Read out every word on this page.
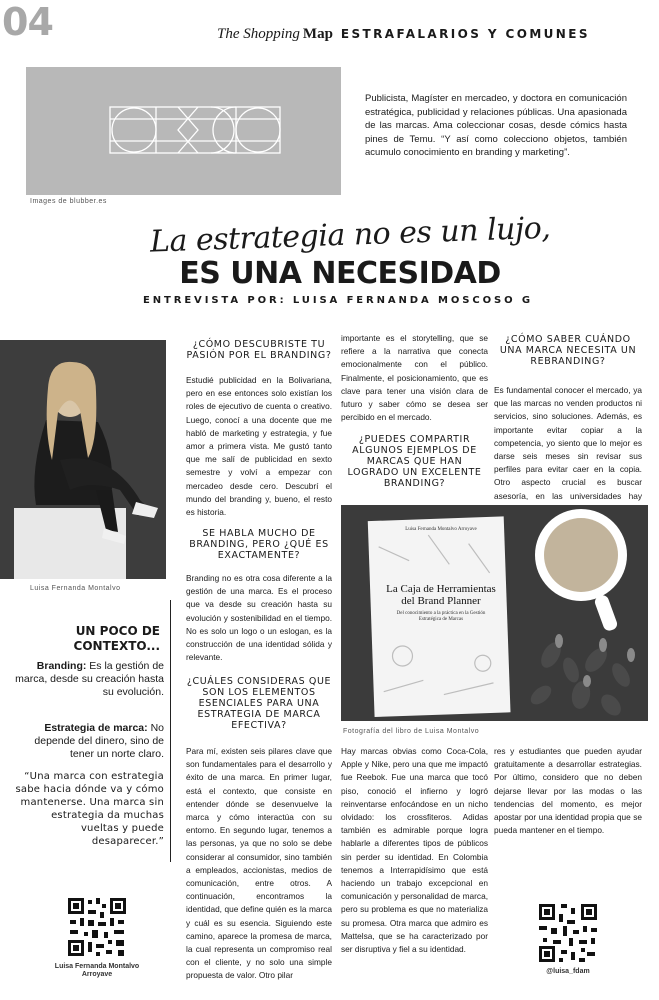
04	The Shopping Map ESTRAFALARIOS Y COMUNES
Images de blubber.es
Publicista, Magíster en mercadeo, y doctora en comunicación estratégica, publicidad y relaciones públicas. Una apasionada de las marcas. Ama coleccionar cosas, desde cómics hasta pines de Temu. “Y así como colecciono objetos, también acumulo conocimiento en branding y marketing”.
La estrategia no es un lujo,
ES UNA NECESIDAD
ENTREVISTA POR: LUISA FERNANDA MOSCOSO G
Luisa Fernanda Montalvo
UN POCO DE CONTEXTO...
Branding: Es la gestión de marca, desde su creación hasta su evolución.
Estrategia de marca: No depende del dinero, sino de tener un norte claro.
“Una marca con estrategia sabe hacia dónde va y cómo mantenerse. Una marca sin estrategia da muchas vueltas y puede desaparecer.”
Luisa Fernanda Montalvo Arroyave
¿CÓMO DESCUBRISTE TU PASIÓN POR EL BRANDING?
Estudié publicidad en la Bolivariana, pero en ese entonces solo existían los roles de ejecutivo de cuenta o creativo. Luego, conocí a una docente que me habló de marketing y estrategia, y fue amor a primera vista. Me gustó tanto que me salí de publicidad en sexto semestre y volví a empezar con mercadeo desde cero. Descubrí el mundo del branding y, bueno, el resto es historia.
SE HABLA MUCHO DE BRANDING, PERO ¿QUÉ ES EXACTAMENTE?
Branding no es otra cosa diferente a la gestión de una marca. Es el proceso que va desde su creación hasta su evolución y sostenibilidad en el tiempo. No es solo un logo o un eslogan, es la construcción de una identidad sólida y relevante.
¿CUÁLES CONSIDERAS QUE SON LOS ELEMENTOS ESENCIALES PARA UNA ESTRATEGIA DE MARCA EFECTIVA?
Para mí, existen seis pilares clave que son fundamentales para el desarrollo y éxito de una marca. En primer lugar, está el contexto, que consiste en entender dónde se desenvuelve la marca y cómo interactúa con su entorno. En segundo lugar, tenemos a las personas, ya que no solo se debe considerar al consumidor, sino también a empleados, accionistas, medios de comunicación, entre otros. A continuación, encontramos la identidad, que define quién es la marca y cuál es su esencia. Siguiendo este camino, aparece la promesa de marca, la cual representa un compromiso real con el cliente, y no solo una simple propuesta de valor. Otro pilar
importante es el storytelling, que se refiere a la narrativa que conecta emocionalmente con el público. Finalmente, el posicionamiento, que es clave para tener una visión clara de futuro y saber cómo se desea ser percibido en el mercado.
¿PUEDES COMPARTIR ALGUNOS EJEMPLOS DE MARCAS QUE HAN LOGRADO UN EXCELENTE BRANDING?
¿CÓMO SABER CUÁNDO UNA MARCA NECESITA UN REBRANDING?
Es fundamental conocer el mercado, ya que las marcas no venden productos ni servicios, sino soluciones. Además, es importante evitar copiar a la competencia, yo siento que lo mejor es darse seis meses sin revisar sus perfiles para evitar caer en la copia. Otro aspecto crucial es buscar asesoría, en las universidades hay
Luisa Fernanda Montalvo Arroyave
La Caja de Herramientas del Brand Planner
Del conocimiento a la práctica en la Gestión Estratégica de Marcas
Fotografía del libro de Luisa Montalvo
Hay marcas obvias como Coca-Cola, Apple y Nike, pero una que me impactó fue Reebok. Fue una marca que tocó piso, conoció el infierno y logró reinventarse enfocándose en un nicho olvidado: los crossfiteros. Adidas también es admirable porque logra hablarle a diferentes tipos de públicos sin perder su identidad. En Colombia tenemos a Interrapidísimo que está haciendo un trabajo excepcional en comunicación y personalidad de marca, pero su problema es que no materializa su promesa. Otra marca que admiro es Mattelsa, que se ha caracterizado por ser disruptiva y fiel a su identidad.
res y estudiantes que pueden ayudar gratuitamente a desarrollar estrategias. Por último, considero que no deben dejarse llevar por las modas o las tendencias del momento, es mejor apostar por una identidad propia que se pueda mantener en el tiempo.
@luisa_fdam
